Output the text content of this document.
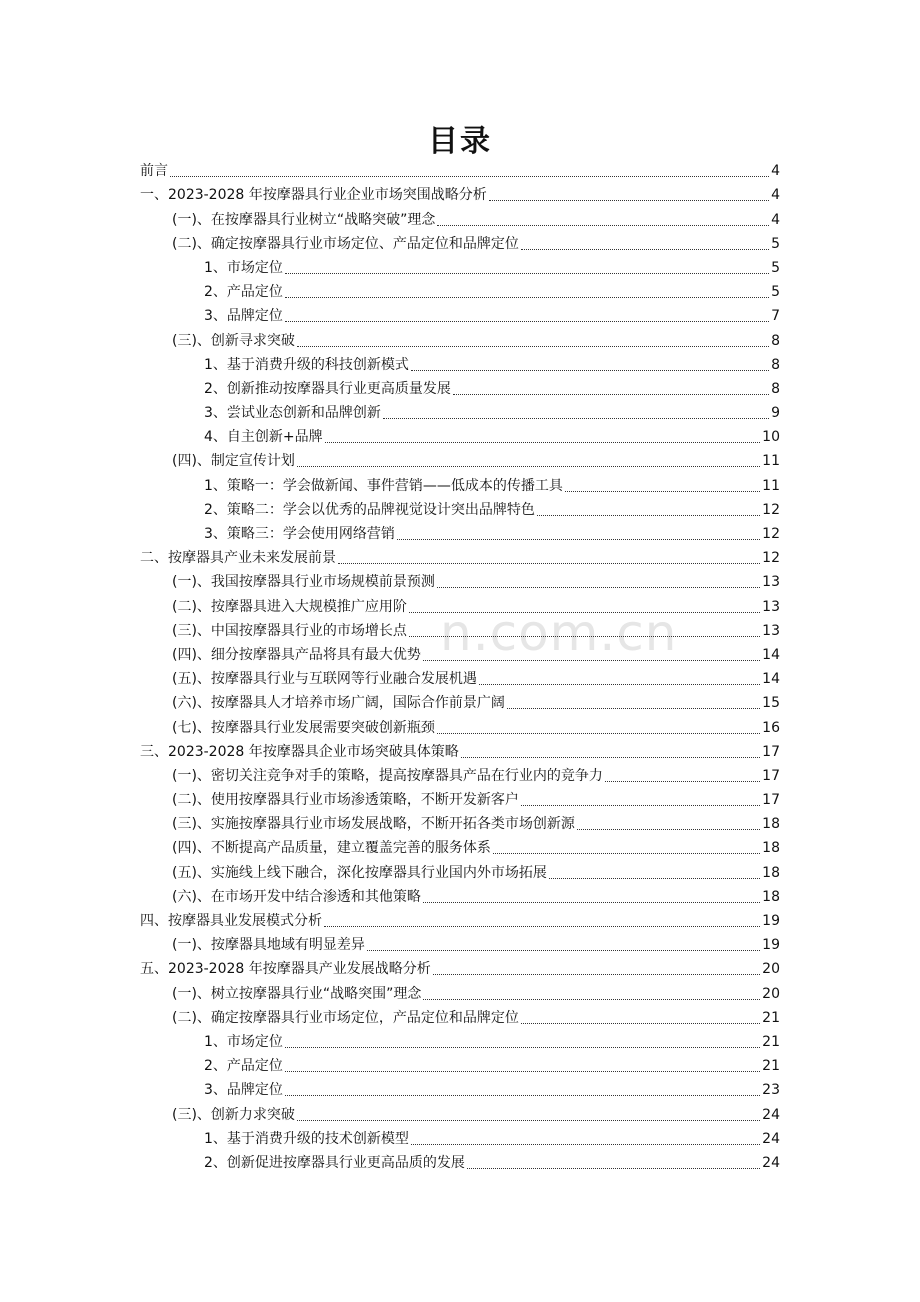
n.com.cn
目录
前言	4
一、2023-2028 年按摩器具行业企业市场突围战略分析	4
(一)、在按摩器具行业树立“战略突破”理念	4
(二)、确定按摩器具行业市场定位、产品定位和品牌定位	5
1、市场定位	5
2、产品定位	5
3、品牌定位	7
(三)、创新寻求突破	8
1、基于消费升级的科技创新模式	8
2、创新推动按摩器具行业更高质量发展	8
3、尝试业态创新和品牌创新	9
4、自主创新+品牌	10
(四)、制定宣传计划	11
1、策略一：学会做新闻、事件营销——低成本的传播工具	11
2、策略二：学会以优秀的品牌视觉设计突出品牌特色	12
3、策略三：学会使用网络营销	12
二、按摩器具产业未来发展前景	12
(一)、我国按摩器具行业市场规模前景预测	13
(二)、按摩器具进入大规模推广应用阶	13
(三)、中国按摩器具行业的市场增长点	13
(四)、细分按摩器具产品将具有最大优势	14
(五)、按摩器具行业与互联网等行业融合发展机遇	14
(六)、按摩器具人才培养市场广阔，国际合作前景广阔	15
(七)、按摩器具行业发展需要突破创新瓶颈	16
三、2023-2028 年按摩器具企业市场突破具体策略	17
(一)、密切关注竞争对手的策略，提高按摩器具产品在行业内的竞争力	17
(二)、使用按摩器具行业市场渗透策略，不断开发新客户	17
(三)、实施按摩器具行业市场发展战略，不断开拓各类市场创新源	18
(四)、不断提高产品质量，建立覆盖完善的服务体系	18
(五)、实施线上线下融合，深化按摩器具行业国内外市场拓展	18
(六)、在市场开发中结合渗透和其他策略	18
四、按摩器具业发展模式分析	19
(一)、按摩器具地域有明显差异	19
五、2023-2028 年按摩器具产业发展战略分析	20
(一)、树立按摩器具行业“战略突围”理念	20
(二)、确定按摩器具行业市场定位，产品定位和品牌定位	21
1、市场定位	21
2、产品定位	21
3、品牌定位	23
(三)、创新力求突破	24
1、基于消费升级的技术创新模型	24
2、创新促进按摩器具行业更高品质的发展	24
